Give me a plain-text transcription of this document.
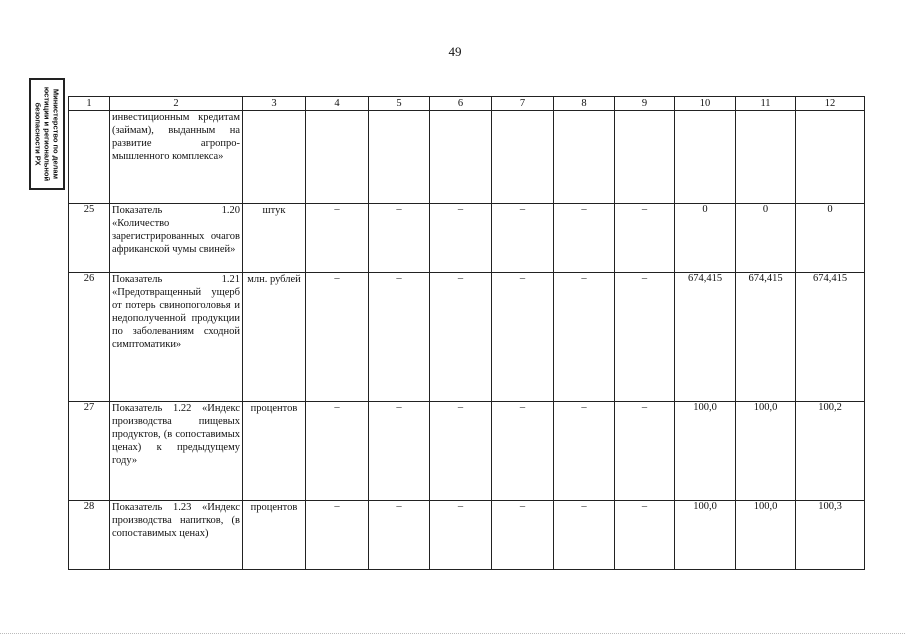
49
Министерство по делам юстиции и региональной безопасности РХ	1	2	3	4	5	6	7	8	9	10	11	12
	инвестиционным кредитам (займам), выданным на развитие агропро-мышленного комплекса»										
25	Показатель 1.20 «Количество зарегистрированных очагов африканской чумы свиней»	штук	–	–	–	–	–	–	0	0	0
26	Показатель 1.21 «Предотвращенный ущерб от потерь свинопоголовья и недополученной продукции по заболеваниям сходной симптоматики»	млн. рублей	–	–	–	–	–	–	674,415	674,415	674,415
27	Показатель 1.22 «Индекс производства пищевых продуктов, (в сопоставимых ценах) к предыдущему году»	процентов	–	–	–	–	–	–	100,0	100,0	100,2
28	Показатель 1.23 «Индекс производства напитков, (в сопоставимых ценах)	процентов	–	–	–	–	–	–	100,0	100,0	100,3
